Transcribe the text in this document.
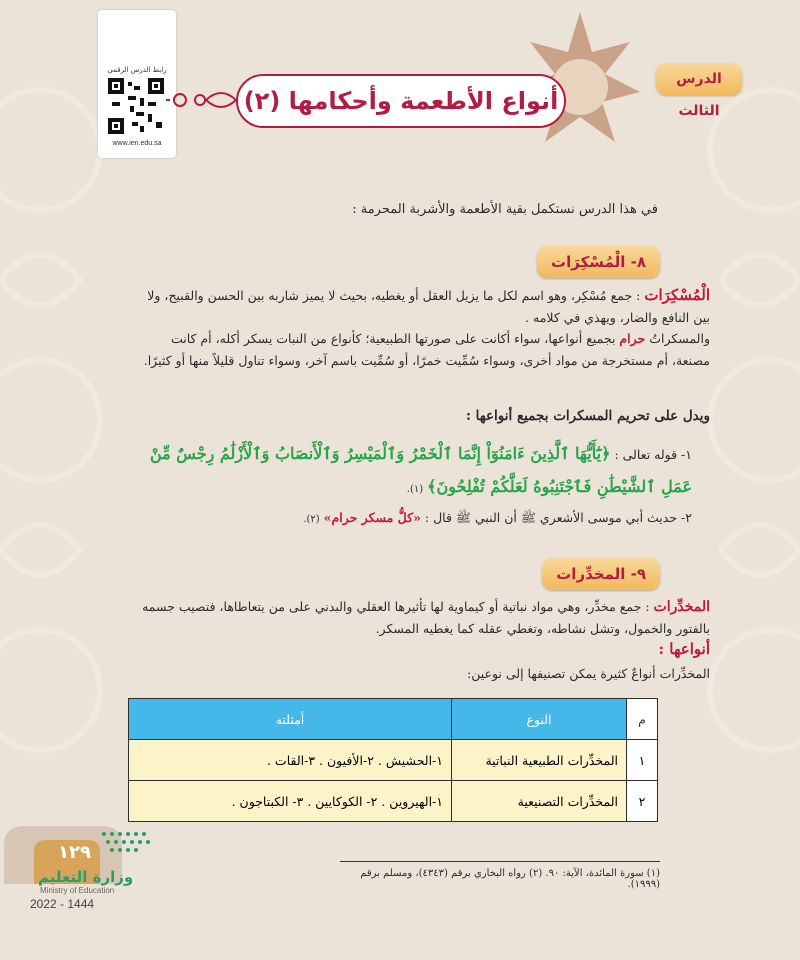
رابط الدرس الرقمي
www.ien.edu.sa
الدرس الثالث
أنواع الأطعمة وأحكامها (٢)
في هذا الدرس نستكمل بقية الأطعمة والأشربة المحرمة :
٨- الْمُسْكِرَات
الْمُسْكِرَات : جمع مُسْكِر، وهو اسم لكل ما يزيل العقل أو يغطيه، بحيث لا يميز شاربه بين الحسن والقبيح، ولا بين النافع والضار، ويهذي في كلامه .
والمسكراتُ حرام بجميع أنواعها، سواء أكانت على صورتها الطبيعية؛ كأنواع من النبات يسكر أكله، أم كانت مصنعة، أم مستخرجة من مواد أخرى، وسواء سُمِّيت خمرًا، أو سُمِّيت باسم آخر، وسواء تناول قليلاً منها أو كثيرًا.
ويدل على تحريم المسكرات بجميع أنواعها :
١- قوله تعالى : ﴿يَٰٓأَيُّهَا ٱلَّذِينَ ءَامَنُوٓاْ إِنَّمَا ٱلْخَمْرُ وَٱلْمَيْسِرُ وَٱلْأَنصَابُ وَٱلْأَزْلَٰمُ رِجْسٌ مِّنْ عَمَلِ ٱلشَّيْطَٰنِ فَٱجْتَنِبُوهُ لَعَلَّكُمْ تُفْلِحُونَ﴾ (١).
٢- حديث أبي موسى الأشعري ﷺ أن النبي ﷺ قال : «كلُّ مسكر حرام» (٢).
٩- المخدِّرات
المخدِّرات : جمع مخدِّر، وهي مواد نباتية أو كيماوية لها تأثيرها العقلي والبدني على من يتعاطاها، فتصيب جسمه بالفتور والخمول، وتشل نشاطه، وتغطي عقله كما يغطيه المسكر.
أنواعها :
المخدِّرات أنواعٌ كثيرة يمكن تصنيفها إلى نوعين:
م	النوع	أمثلته
١	المخدِّرات الطبيعية النباتية	١-الحشيش . ٢-الأفيون . ٣-القات .
٢	المخدِّرات التصنيعية	١-الهيروين . ٢- الكوكايين . ٣- الكبتاجون .
(١) سورة المائدة، الآية: ٩٠. (٢) رواه البخاري برقم (٤٣٤٣)، ومسلم برقم (١٩٩٩).
١٢٩
وزارة التعليم
Ministry of Education
2022 - 1444
